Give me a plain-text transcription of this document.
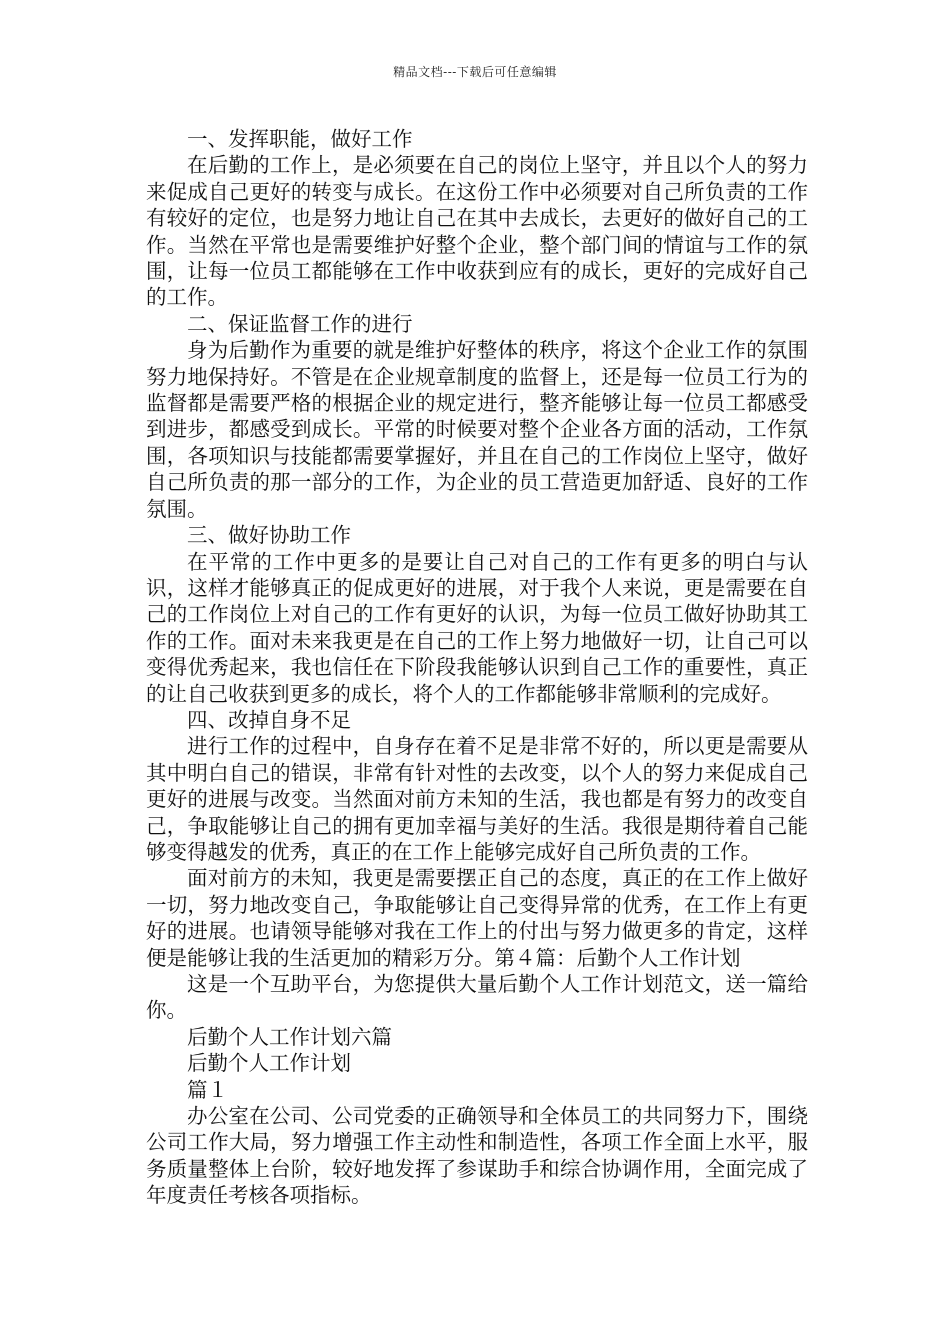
精品文档---下载后可任意编辑

一、发挥职能，做好工作

在后勤的工作上，是必须要在自己的岗位上坚守，并且以个人的努力来促成自己更好的转变与成长。在这份工作中必须要对自己所负责的工作有较好的定位，也是努力地让自己在其中去成长，去更好的做好自己的工作。当然在平常也是需要维护好整个企业，整个部门间的情谊与工作的氛围，让每一位员工都能够在工作中收获到应有的成长，更好的完成好自己的工作。

二、保证监督工作的进行

身为后勤作为重要的就是维护好整体的秩序，将这个企业工作的氛围努力地保持好。不管是在企业规章制度的监督上，还是每一位员工行为的监督都是需要严格的根据企业的规定进行，整齐能够让每一位员工都感受到进步，都感受到成长。平常的时候要对整个企业各方面的活动，工作氛围，各项知识与技能都需要掌握好，并且在自己的工作岗位上坚守，做好自己所负责的那一部分的工作，为企业的员工营造更加舒适、良好的工作氛围。

三、做好协助工作

在平常的工作中更多的是要让自己对自己的工作有更多的明白与认识，这样才能够真正的促成更好的进展，对于我个人来说，更是需要在自己的工作岗位上对自己的工作有更好的认识，为每一位员工做好协助其工作的工作。面对未来我更是在自己的工作上努力地做好一切，让自己可以变得优秀起来，我也信任在下阶段我能够认识到自己工作的重要性，真正的让自己收获到更多的成长，将个人的工作都能够非常顺利的完成好。

四、改掉自身不足

进行工作的过程中，自身存在着不足是非常不好的，所以更是需要从其中明白自己的错误，非常有针对性的去改变，以个人的努力来促成自己更好的进展与改变。当然面对前方未知的生活，我也都是有努力的改变自己，争取能够让自己的拥有更加幸福与美好的生活。我很是期待着自己能够变得越发的优秀，真正的在工作上能够完成好自己所负责的工作。

面对前方的未知，我更是需要摆正自己的态度，真正的在工作上做好一切，努力地改变自己，争取能够让自己变得异常的优秀，在工作上有更好的进展。也请领导能够对我在工作上的付出与努力做更多的肯定，这样便是能够让我的生活更加的精彩万分。第４篇：后勤个人工作计划

这是一个互助平台，为您提供大量后勤个人工作计划范文，送一篇给你。

后勤个人工作计划六篇

后勤个人工作计划

篇１

办公室在公司、公司党委的正确领导和全体员工的共同努力下，围绕公司工作大局，努力增强工作主动性和制造性，各项工作全面上水平，服务质量整体上台阶，较好地发挥了参谋助手和综合协调作用，全面完成了年度责任考核各项指标。
